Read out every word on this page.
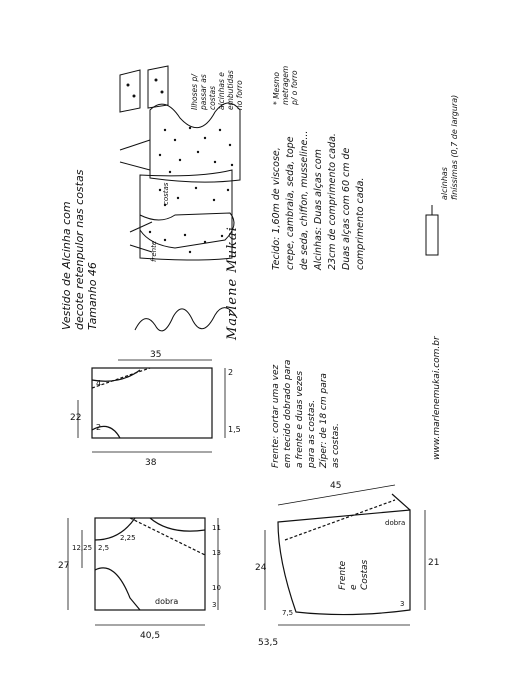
35
22
4
2
38
1,5
2
27
12,25 2,5
2,25
11
13
10
3
40,5
dobra
24
7,5
53,5
45
21
3
dobra
Vestido de Alcinha com decote retenpulor nas costas Tamanho 46	Marlene Mukai
Ilhoses p/ passar as costas alcinhas e embutidas no forro
Tecido: 1,60m de viscose, crepe, cambraia, seda, tope de seda, chiffon, musseline... Alcinhas: Duas alças com 23cm de comprimento cada. Duas alças com 60 cm de comprimento cada.
* Mesmo metragem p/ o forro
alcinhas finíssimas (0,7 de largura)
Frente: cortar uma vez em tecido dobrado para a frente e duas vezes para as costas. Zíper: de 18 cm para as costas.	www.marlenemukai.com.br
frente
costas
Frente e Costas
